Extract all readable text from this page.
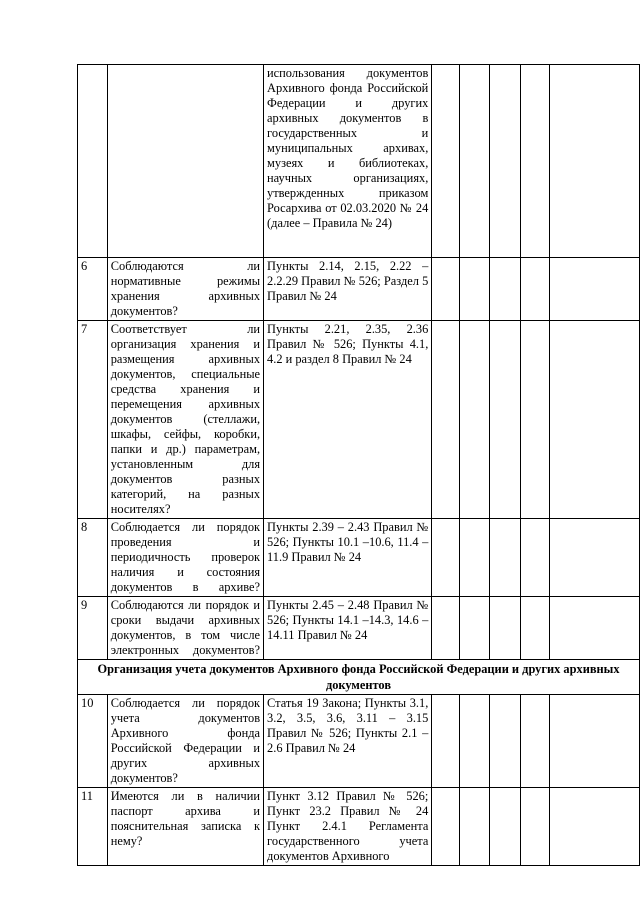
		использования документов Архивного фонда Российской Федерации и других архивных документов в государственных и муниципальных архивах, музеях и библиотеках, научных организациях, утвержденных приказом Росархива от 02.03.2020 № 24 (далее – Правила № 24)					
6	Соблюдаются ли нормативные режимы хранения архивных документов?	Пункты 2.14, 2.15, 2.22 – 2.2.29 Правил № 526; Раздел 5 Правил № 24					
7	Соответствует ли организация хранения и размещения архивных документов, специальные средства хранения и перемещения архивных документов (стеллажи, шкафы, сейфы, коробки, папки и др.) параметрам, установленным для документов разных категорий, на разных носителях?	Пункты 2.21, 2.35, 2.36 Правил № 526; Пункты 4.1, 4.2 и раздел 8 Правил № 24					
8	Соблюдается ли порядок проведения и периодичность проверок наличия и состояния документов в архиве?	Пункты 2.39 – 2.43 Правил № 526; Пункты 10.1 –10.6, 11.4 – 11.9 Правил № 24					
9	Соблюдаются ли порядок и сроки выдачи архивных документов, в том числе электронных документов?	Пункты 2.45 – 2.48 Правил № 526; Пункты 14.1 –14.3, 14.6 – 14.11 Правил № 24					
Организация учета документов Архивного фонда Российской Федерации и других архивных документов							
10	Соблюдается ли порядок учета документов Архивного фонда Российской Федерации и других архивных документов?	Статья 19 Закона; Пункты 3.1, 3.2, 3.5, 3.6, 3.11 – 3.15 Правил № 526; Пункты 2.1 –2.6 Правил № 24					
11	Имеются ли в наличии паспорт архива и пояснительная записка к нему?	Пункт 3.12 Правил № 526; Пункт 23.2 Правил № 24 Пункт 2.4.1 Регламента государственного учета документов Архивного					
